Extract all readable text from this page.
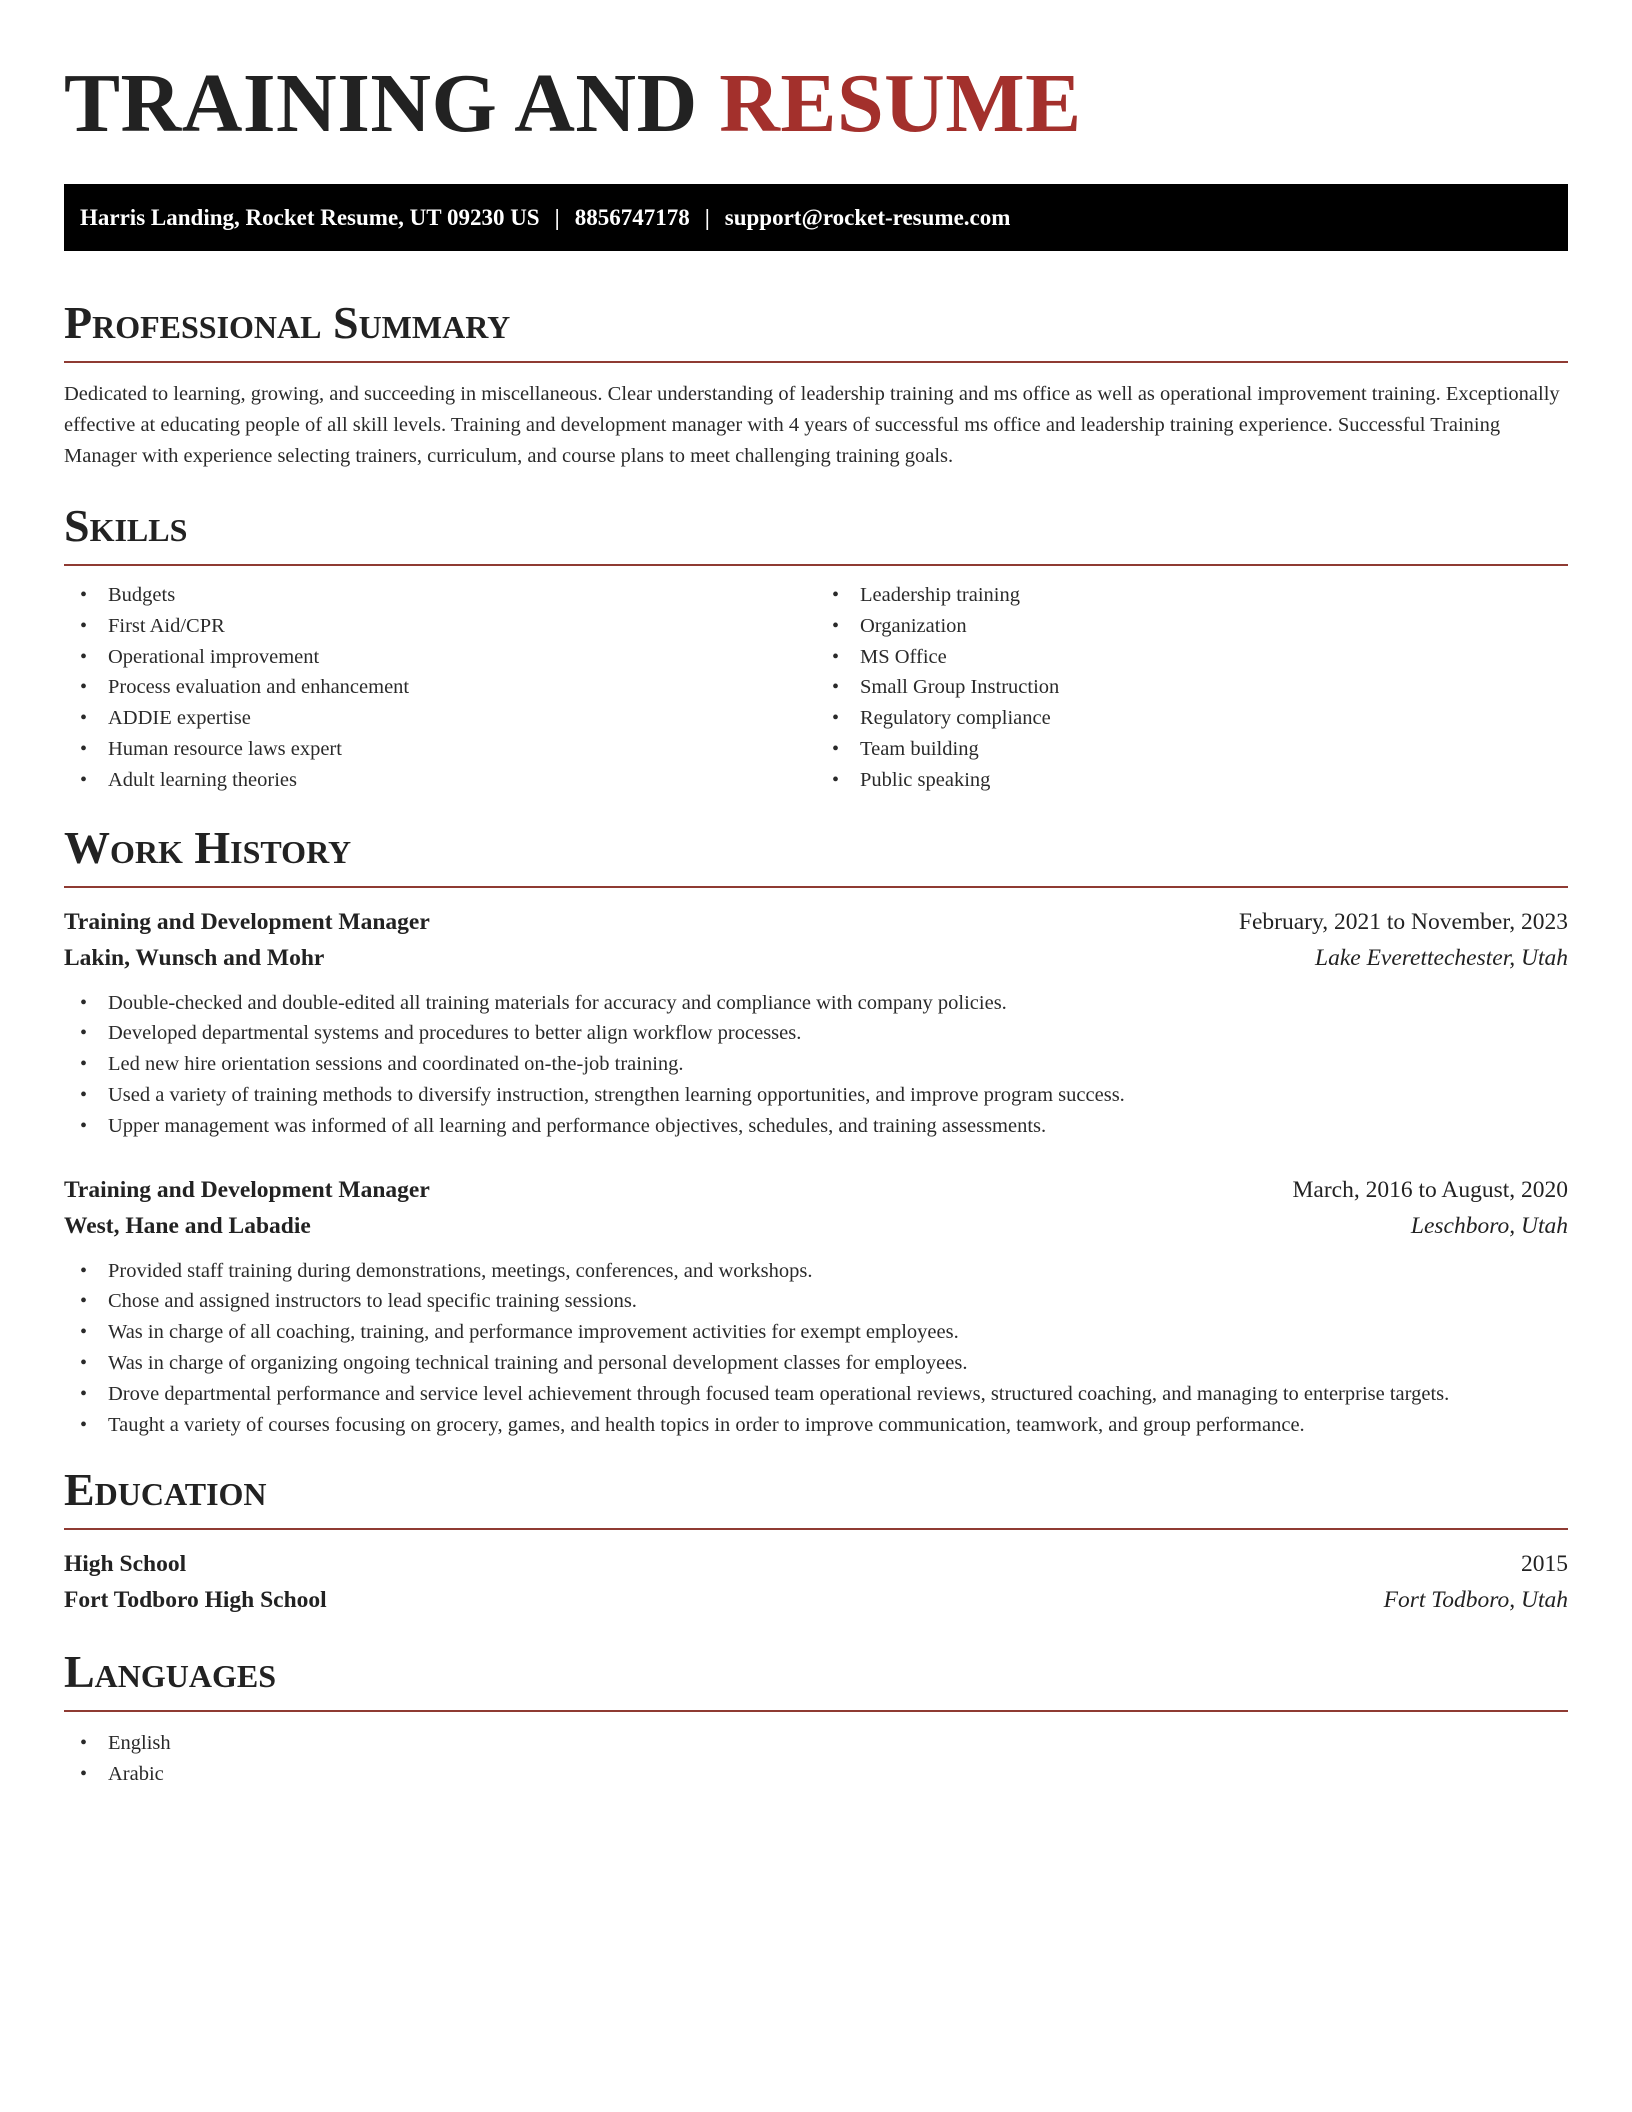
TRAINING AND RESUME
Harris Landing, Rocket Resume, UT 09230 US | 8856747178 | support@rocket-resume.com
Professional Summary

Dedicated to learning, growing, and succeeding in miscellaneous. Clear understanding of leadership training and ms office as well as operational improvement training. Exceptionally effective at educating people of all skill levels. Training and development manager with 4 years of successful ms office and leadership training experience. Successful Training Manager with experience selecting trainers, curriculum, and course plans to meet challenging training goals.

Skills
• Budgets
• First Aid/CPR
• Operational improvement
• Process evaluation and enhancement
• ADDIE expertise
• Human resource laws expert
• Adult learning theories
• Leadership training
• Organization
• MS Office
• Small Group Instruction
• Regulatory compliance
• Team building
• Public speaking
Work History
Training and Development Manager	February, 2021 to November, 2023
Lakin, Wunsch and Mohr	Lake Everettechester, Utah
• Double-checked and double-edited all training materials for accuracy and compliance with company policies.
• Developed departmental systems and procedures to better align workflow processes.
• Led new hire orientation sessions and coordinated on-the-job training.
• Used a variety of training methods to diversify instruction, strengthen learning opportunities, and improve program success.
• Upper management was informed of all learning and performance objectives, schedules, and training assessments.
Training and Development Manager	March, 2016 to August, 2020
West, Hane and Labadie	Leschboro, Utah
• Provided staff training during demonstrations, meetings, conferences, and workshops.
• Chose and assigned instructors to lead specific training sessions.
• Was in charge of all coaching, training, and performance improvement activities for exempt employees.
• Was in charge of organizing ongoing technical training and personal development classes for employees.
• Drove departmental performance and service level achievement through focused team operational reviews, structured coaching, and managing to enterprise targets.
• Taught a variety of courses focusing on grocery, games, and health topics in order to improve communication, teamwork, and group performance.
Education
High School	2015
Fort Todboro High School	Fort Todboro, Utah
Languages
• English
• Arabic
